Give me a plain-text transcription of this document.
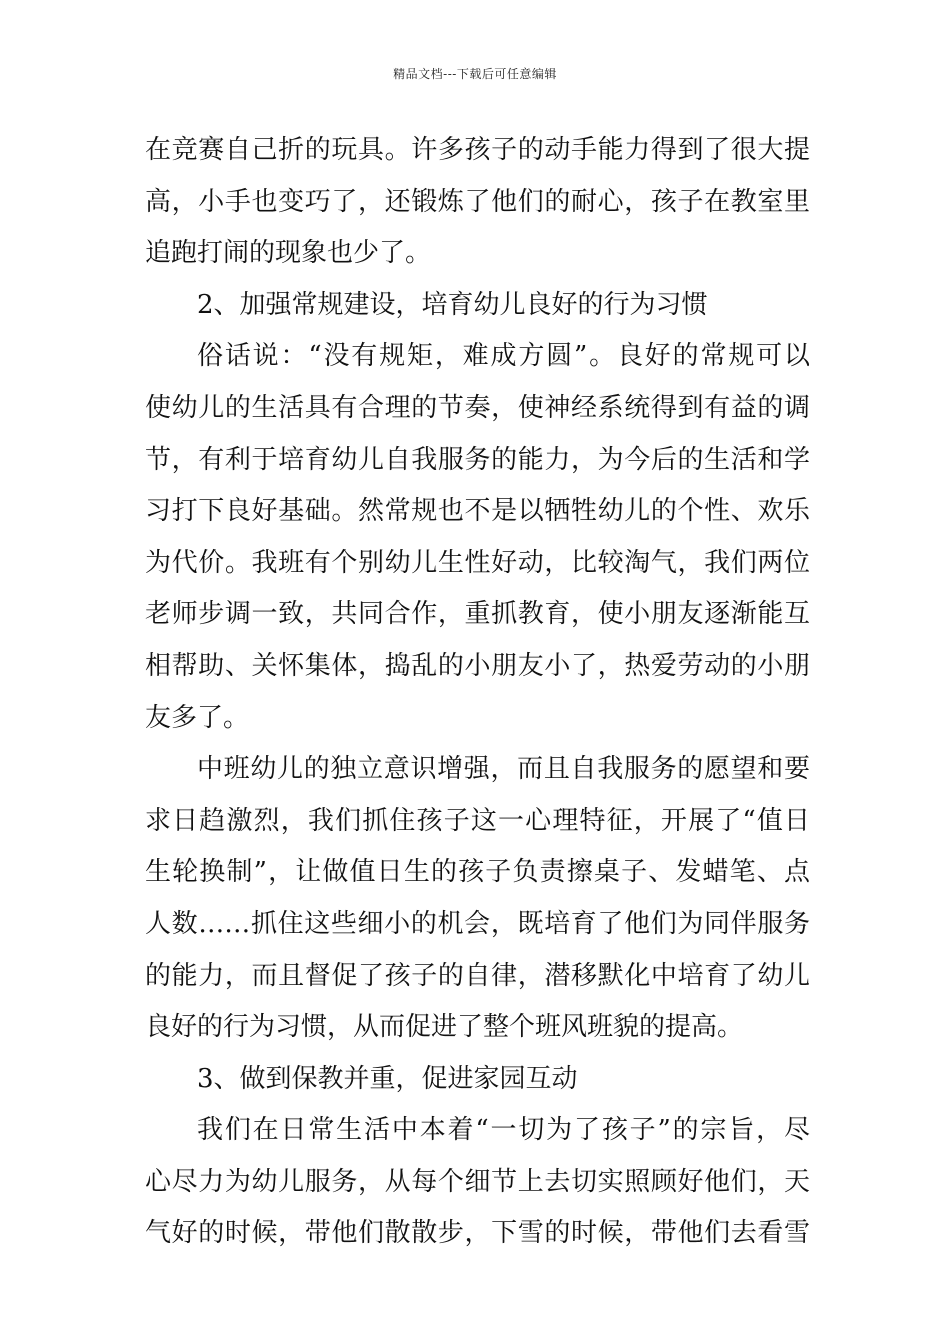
精品文档---下载后可任意编辑
在竞赛自己折的玩具。许多孩子的动手能力得到了很大提
高，小手也变巧了，还锻炼了他们的耐心，孩子在教室里
追跑打闹的现象也少了。
2、加强常规建设，培育幼儿良好的行为习惯
俗话说：“没有规矩，难成方圆”。良好的常规可以
使幼儿的生活具有合理的节奏，使神经系统得到有益的调
节，有利于培育幼儿自我服务的能力，为今后的生活和学
习打下良好基础。然常规也不是以牺牲幼儿的个性、欢乐
为代价。我班有个别幼儿生性好动，比较淘气，我们两位
老师步调一致，共同合作，重抓教育，使小朋友逐渐能互
相帮助、关怀集体，捣乱的小朋友小了，热爱劳动的小朋
友多了。
中班幼儿的独立意识增强，而且自我服务的愿望和要
求日趋激烈，我们抓住孩子这一心理特征，开展了“值日
生轮换制”，让做值日生的孩子负责擦桌子、发蜡笔、点
人数……抓住这些细小的机会，既培育了他们为同伴服务
的能力，而且督促了孩子的自律，潜移默化中培育了幼儿
良好的行为习惯，从而促进了整个班风班貌的提高。
3、做到保教并重，促进家园互动
我们在日常生活中本着“一切为了孩子”的宗旨，尽
心尽力为幼儿服务，从每个细节上去切实照顾好他们，天
气好的时候，带他们散散步，下雪的时候，带他们去看雪
